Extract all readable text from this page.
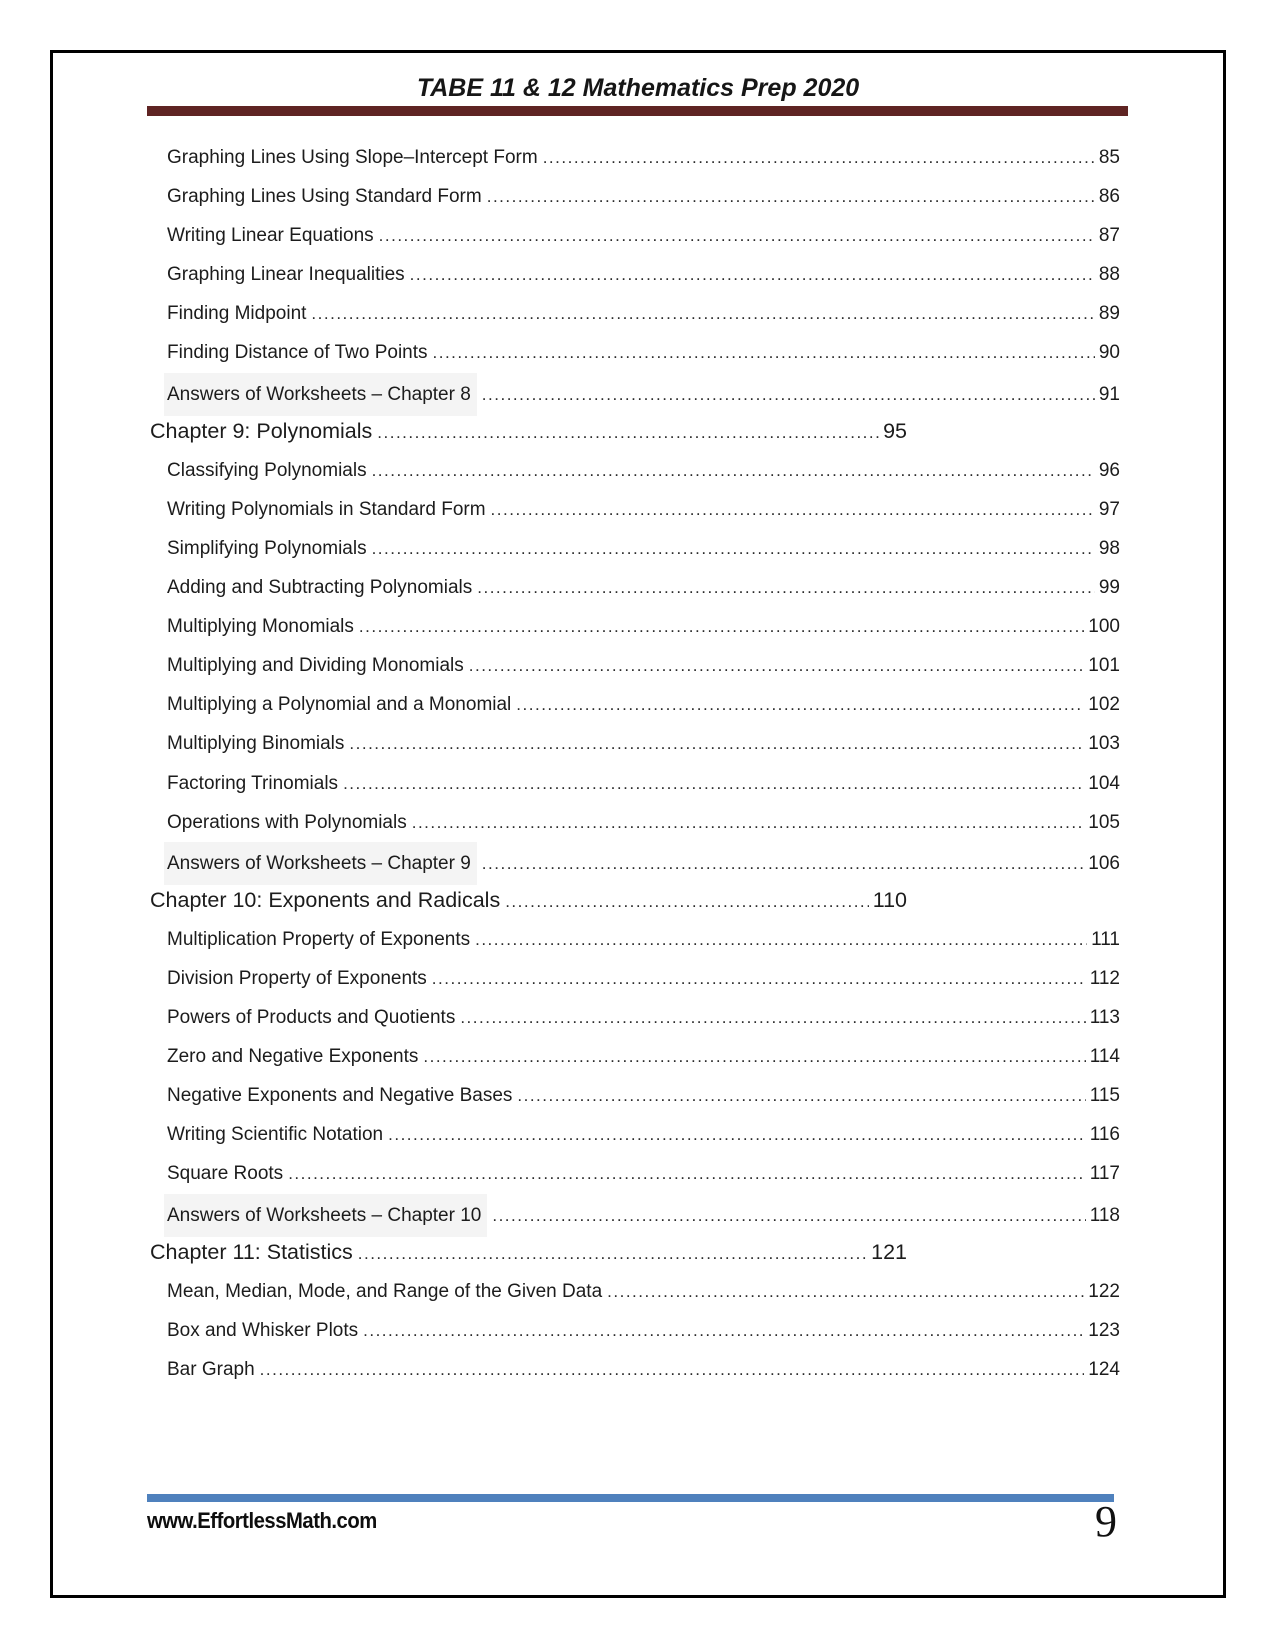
TABE 11 & 12 Mathematics Prep 2020
Graphing Lines Using Slope–Intercept Form .....	85
Graphing Lines Using Standard Form .....	86
Writing Linear Equations .....	87
Graphing Linear Inequalities .....	88
Finding Midpoint .....	89
Finding Distance of Two Points .....	90
Answers of Worksheets – Chapter 8 .....	91
Chapter 9: Polynomials .....	95
Classifying Polynomials .....	96
Writing Polynomials in Standard Form .....	97
Simplifying Polynomials .....	98
Adding and Subtracting Polynomials .....	99
Multiplying Monomials .....	100
Multiplying and Dividing Monomials .....	101
Multiplying a Polynomial and a Monomial .....	102
Multiplying Binomials .....	103
Factoring Trinomials .....	104
Operations with Polynomials .....	105
Answers of Worksheets – Chapter 9 .....	106
Chapter 10: Exponents and Radicals .....	110
Multiplication Property of Exponents .....	111
Division Property of Exponents .....	112
Powers of Products and Quotients .....	113
Zero and Negative Exponents .....	114
Negative Exponents and Negative Bases .....	115
Writing Scientific Notation .....	116
Square Roots .....	117
Answers of Worksheets – Chapter 10 .....	118
Chapter 11: Statistics .....	121
Mean, Median, Mode, and Range of the Given Data .....	122
Box and Whisker Plots .....	123
Bar Graph .....	124
www.EffortlessMath.com	9
